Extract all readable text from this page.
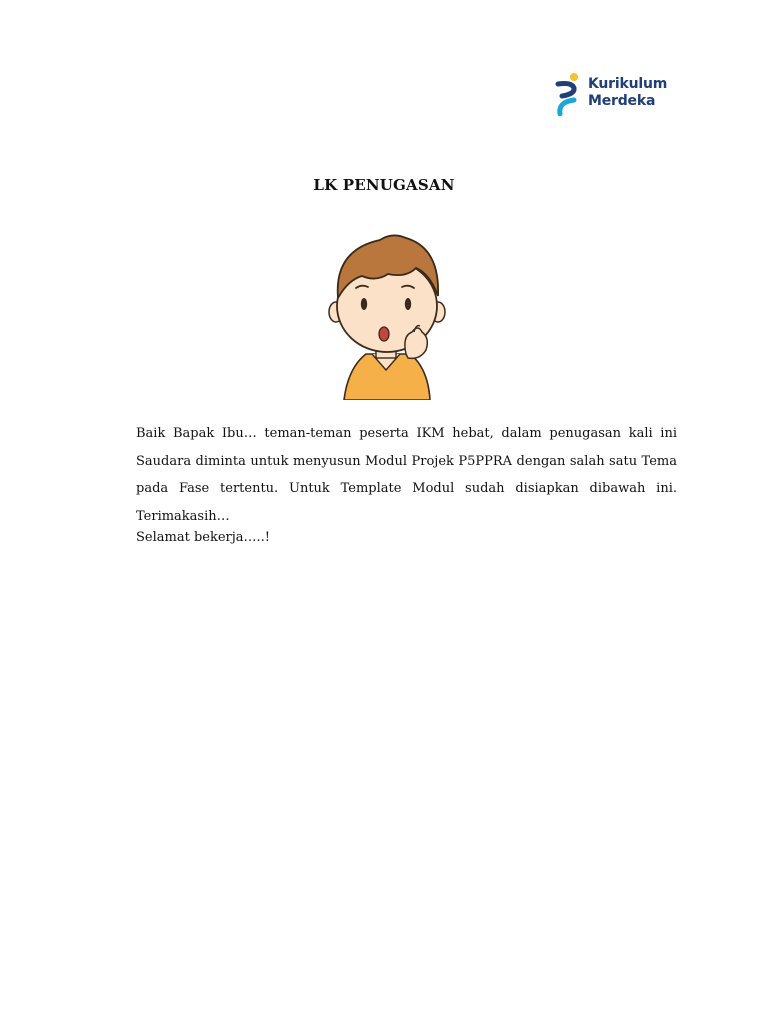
Kurikulum
Merdeka
LK PENUGASAN
Baik Bapak Ibu… teman-teman peserta IKM hebat, dalam penugasan kali ini Saudara diminta untuk menyusun Modul Projek P5PPRA dengan salah satu Tema pada Fase tertentu. Untuk Template Modul sudah disiapkan dibawah ini. Terimakasih…
Selamat bekerja…..!
